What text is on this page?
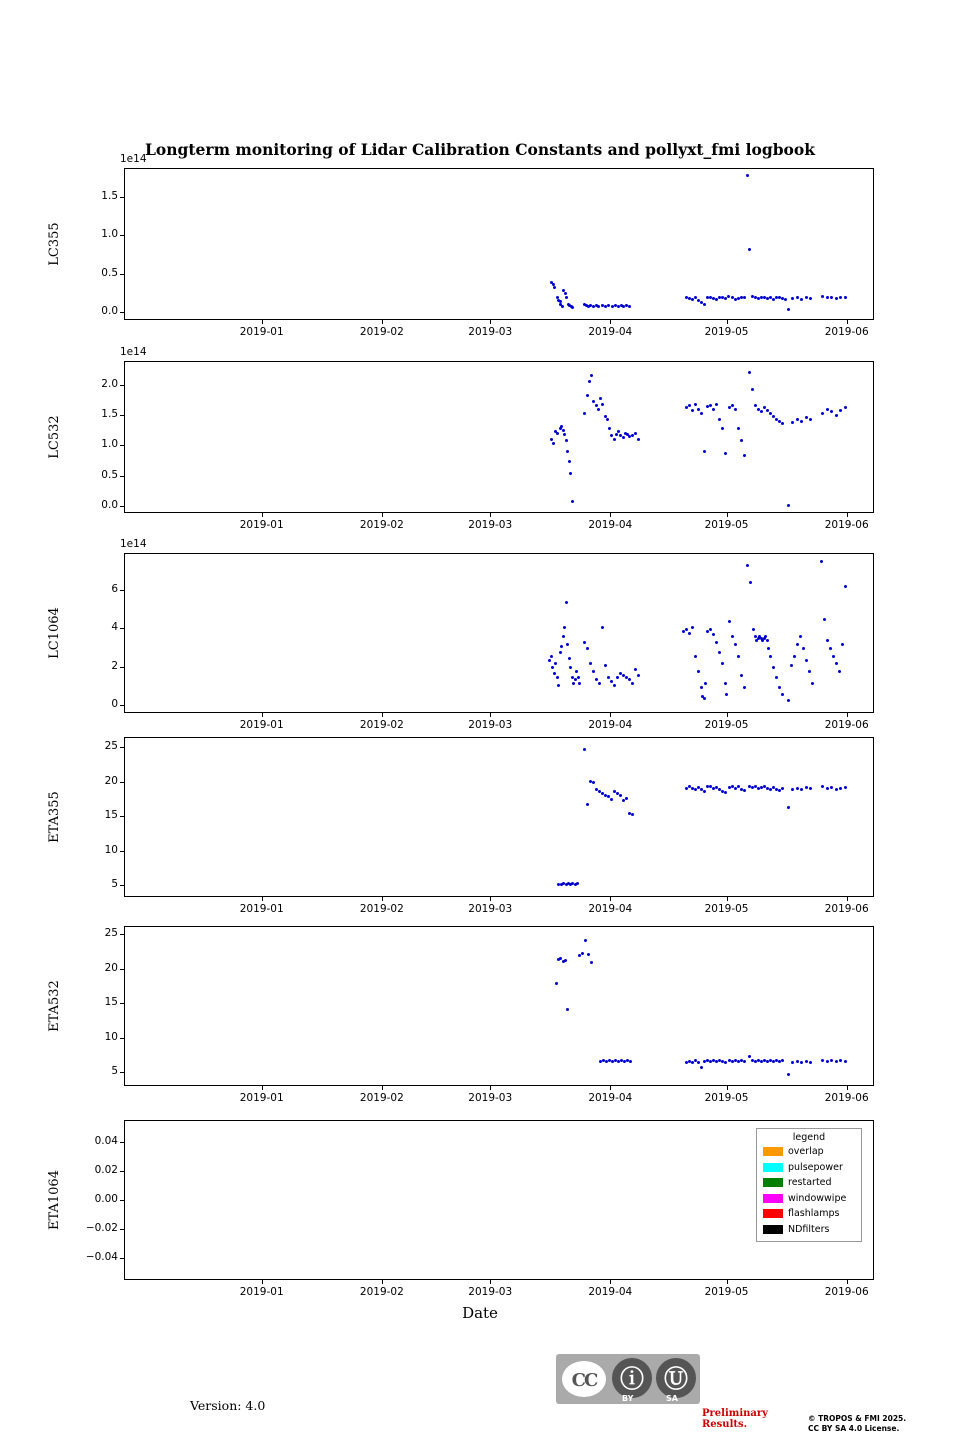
Longterm monitoring of Lidar Calibration Constants and pollyxt_fmi logbook
0.0
0.5
1.0
1.5
2019-01	2019-02	2019-03	2019-04	2019-05	2019-06
1e14
LC355
0.0
0.5
1.0
1.5
2.0
2019-01	2019-02	2019-03	2019-04	2019-05	2019-06
1e14
LC532
0
2
4
6
2019-01	2019-02	2019-03	2019-04	2019-05	2019-06
1e14
LC1064
5
10
15
20
25
2019-01	2019-02	2019-03	2019-04	2019-05	2019-06
ETA355
5
10
15
20
25
2019-01	2019-02	2019-03	2019-04	2019-05	2019-06
ETA532
−0.04
−0.02
0.00
0.02
0.04
2019-01	2019-02	2019-03	2019-04	2019-05	2019-06
ETA1064
Date
legend
overlap
pulsepower
restarted
windowwipe
flashlamps
NDfilters
Version: 4.0
CC ⓘ Ⓤ
BY	SA
Preliminary
Results.
© TROPOS & FMI 2025.
CC BY SA 4.0 License.
